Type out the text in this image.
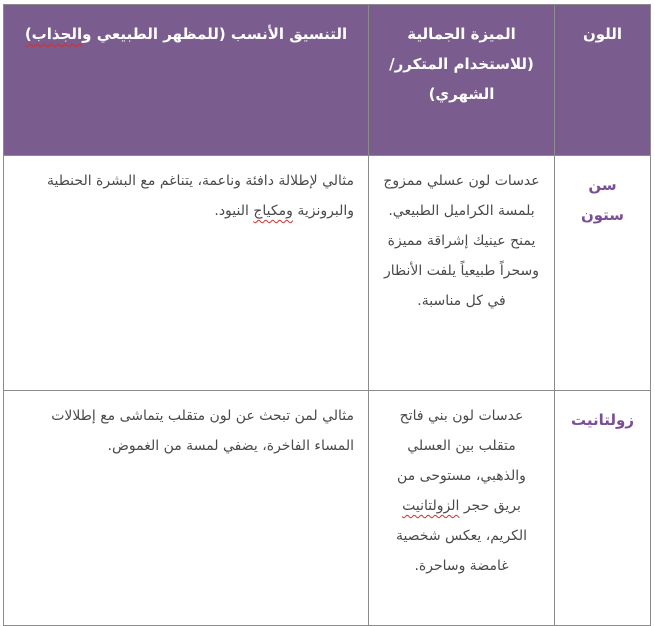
اللون	الميزة الجمالية (للاستخدام المتكرر/الشهري)	التنسيق الأنسب (للمظهر الطبيعي والجذاب)
سن ستون	عدسات لون عسلي ممزوج بلمسة الكراميل الطبيعي. يمنح عينيك إشراقة مميزة وسحراً طبيعياً يلفت الأنظار في كل مناسبة.	مثالي لإطلالة دافئة وناعمة، يتناغم مع البشرة الحنطية والبرونزية ومكياج النيود.
زولتانيت	عدسات لون بني فاتح متقلب بين العسلي والذهبي، مستوحى من بريق حجر الزولتانيت الكريم، يعكس شخصية غامضة وساحرة.	مثالي لمن تبحث عن لون متقلب يتماشى مع إطلالات المساء الفاخرة، يضفي لمسة من الغموض.
